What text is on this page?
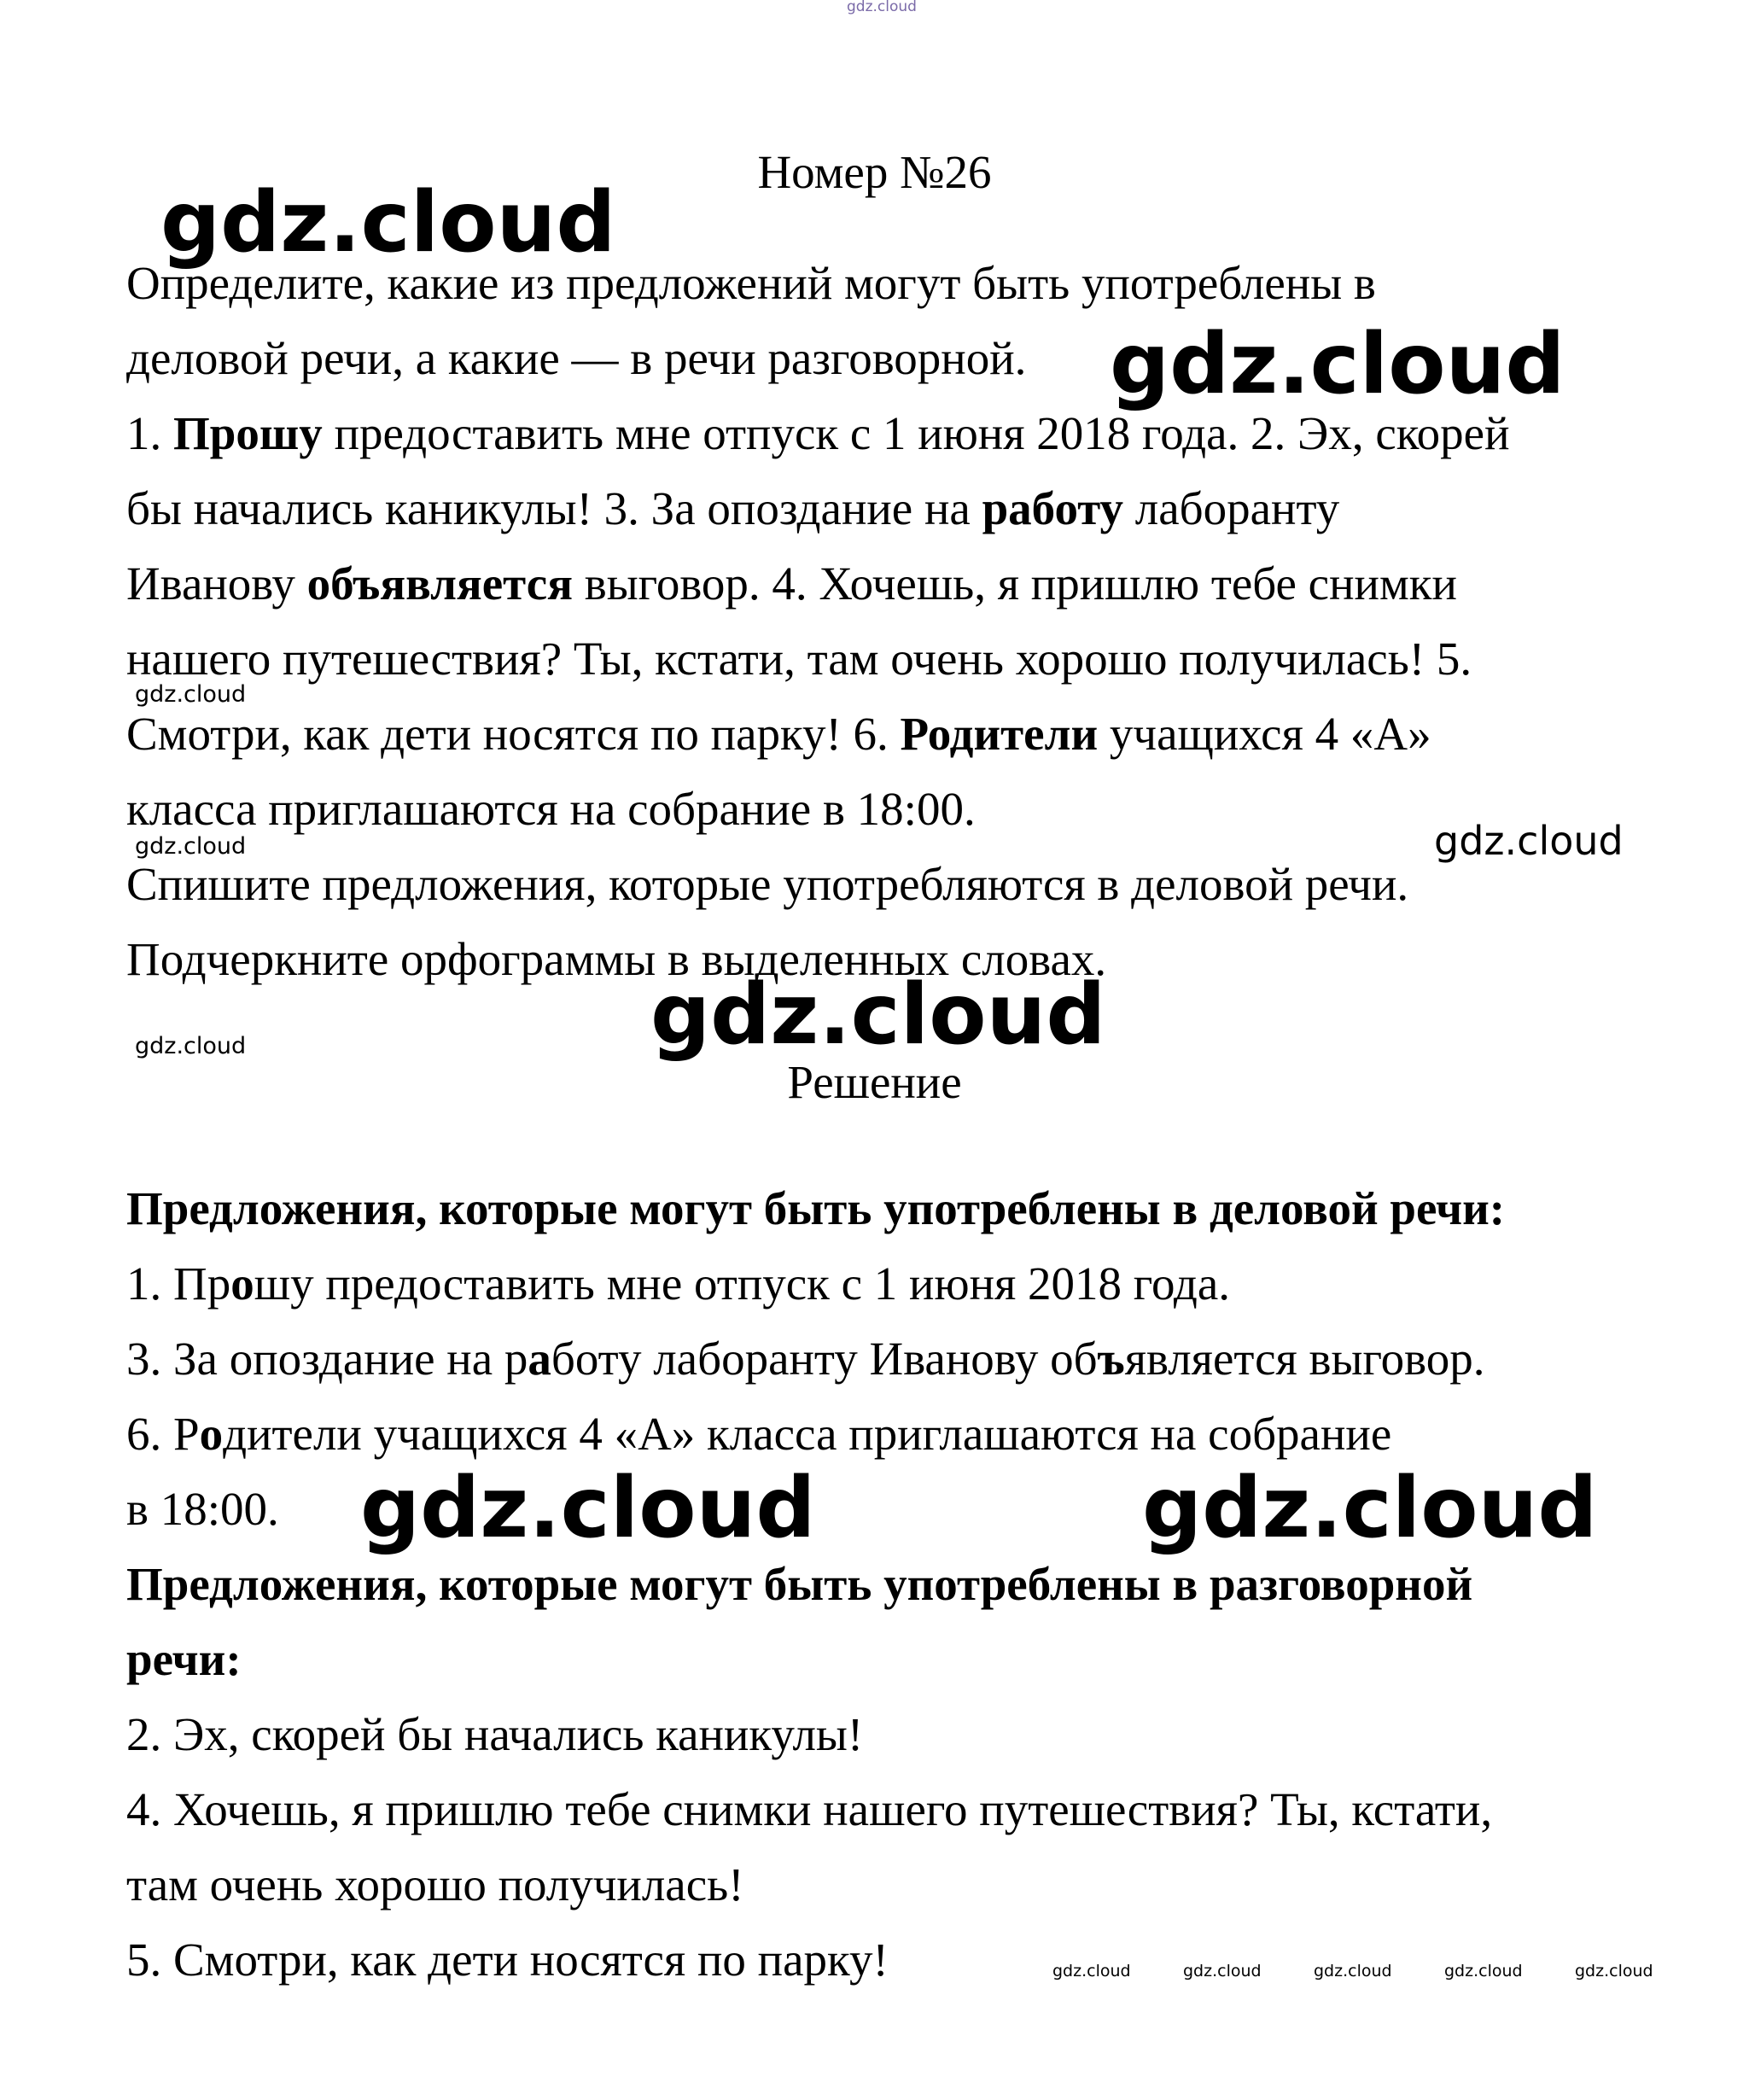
gdz.cloud
gdz.cloud
gdz.cloud
gdz.cloud
gdz.cloud	gdz.cloud
gdz.cloud	gdz.cloud
gdz.cloud	gdz.cloud
gdz.cloud	gdz.cloud	gdz.cloud	gdz.cloud	gdz.cloud
Номер №26

Определите, какие из предложений могут быть употреблены в

деловой речи, а какие — в речи разговорной.

1. Прошу предоставить мне отпуск с 1 июня 2018 года. 2. Эх, скорей

бы начались каникулы! 3. За опоздание на работу лаборанту

Иванову объявляется выговор. 4. Хочешь, я пришлю тебе снимки

нашего путешествия? Ты, кстати, там очень хорошо получилась! 5.

Смотри, как дети носятся по парку! 6. Родители учащихся 4 «А»

класса приглашаются на собрание в 18:00.

Спишите предложения, которые употребляются в деловой речи.

Подчеркните орфограммы в выделенных словах.

Решение

Предложения, которые могут быть употреблены в деловой речи:

1. Прошу предоставить мне отпуск с 1 июня 2018 года.

3. За опоздание на работу лаборанту Иванову объявляется выговор.

6. Родители учащихся 4 «А» класса приглашаются на собрание

в 18:00.

Предложения, которые могут быть употреблены в разговорной

речи:

2. Эх, скорей бы начались каникулы!

4. Хочешь, я пришлю тебе снимки нашего путешествия? Ты, кстати,

там очень хорошо получилась!

5. Смотри, как дети носятся по парку!
